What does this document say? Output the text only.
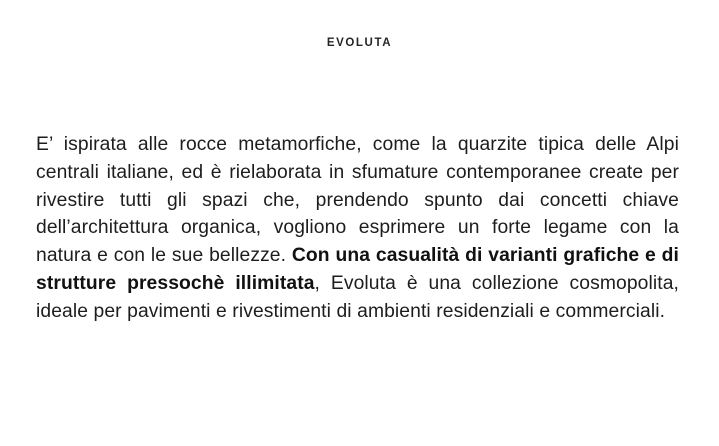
EVOLUTA

E’ ispirata alle rocce metamorfiche, come la quarzite tipica delle Alpi centrali italiane, ed è rielaborata in sfumature contemporanee create per rivestire tutti gli spazi che, prendendo spunto dai concetti chiave dell’architettura organica, vogliono esprimere un forte legame con la natura e con le sue bellezze. Con una casualità di varianti grafiche e di strutture pressochè illimitata, Evoluta è una collezione cosmopolita, ideale per pavimenti e rivestimenti di ambienti residenziali e commerciali.
